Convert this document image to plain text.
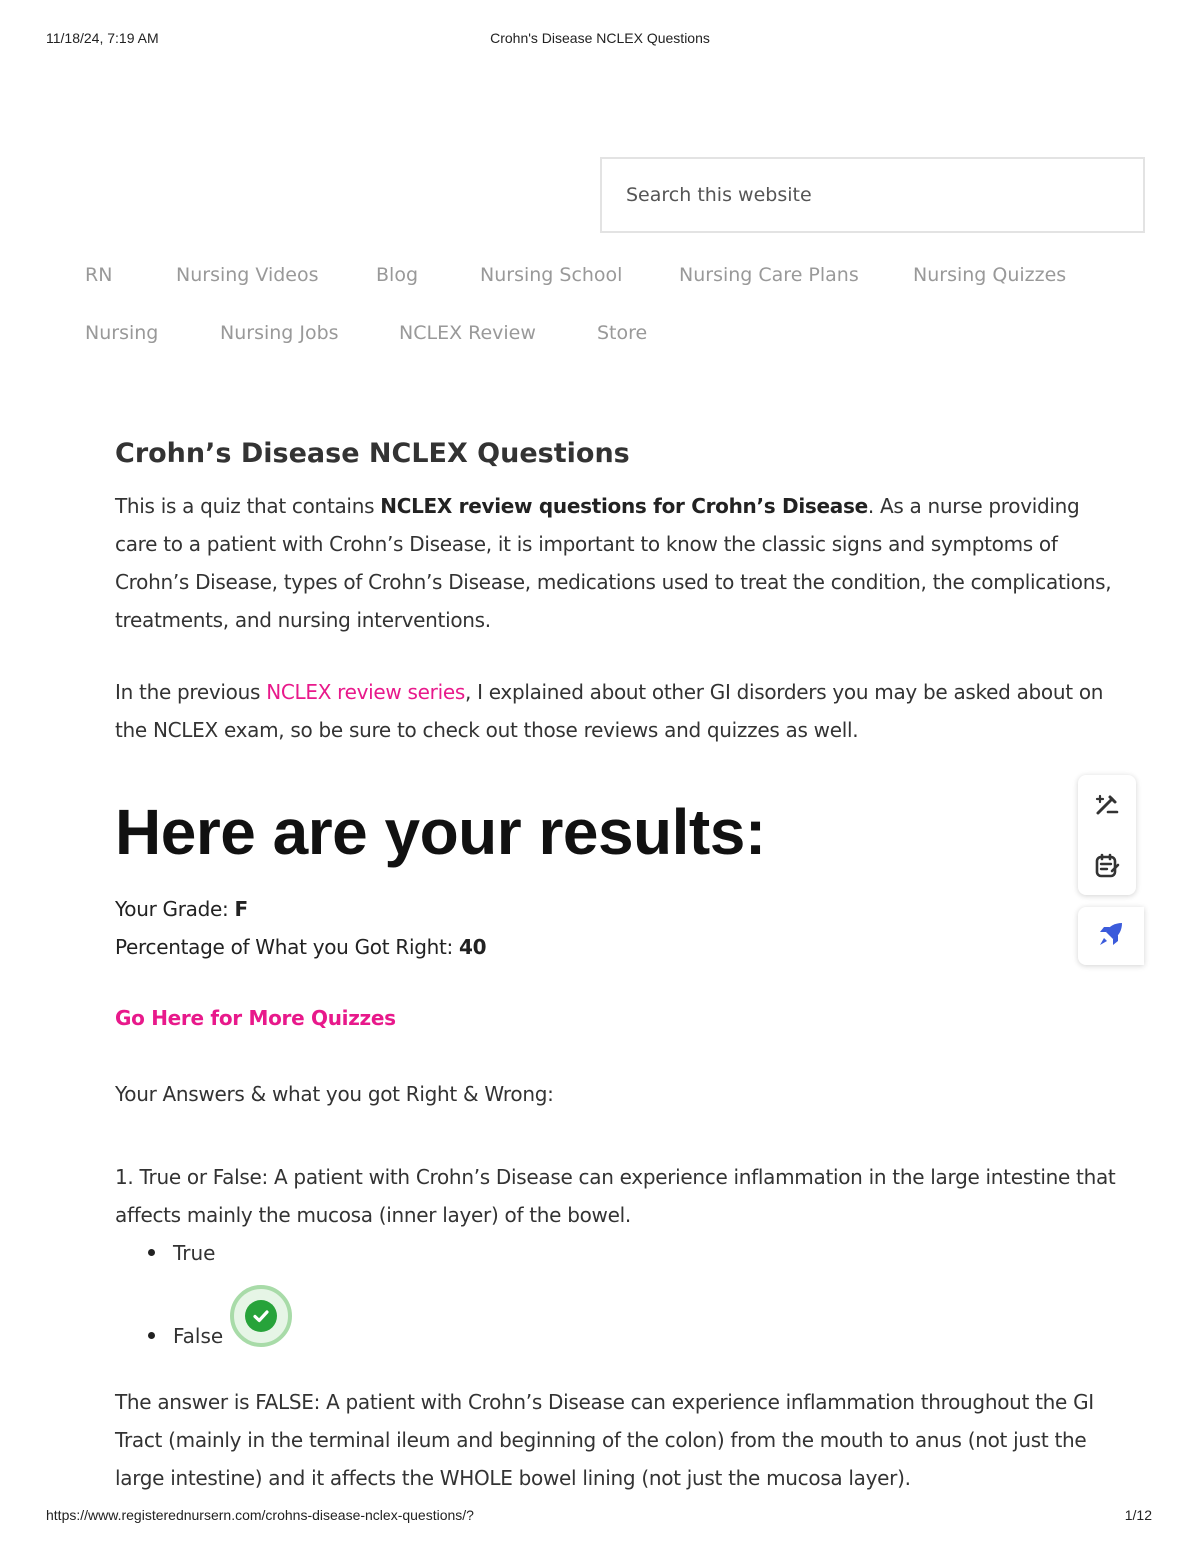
11/18/24, 7:19 AM	Crohn's Disease NCLEX Questions
Search this website
RN	Nursing Videos	Blog	Nursing School	Nursing Care Plans	Nursing Quizzes
Nursing	Nursing Jobs	NCLEX Review	Store
Crohn’s Disease NCLEX Questions

This is a quiz that contains NCLEX review questions for Crohn’s Disease. As a nurse providing care to a patient with Crohn’s Disease, it is important to know the classic signs and symptoms of Crohn’s Disease, types of Crohn’s Disease, medications used to treat the condition, the complications, treatments, and nursing interventions.

In the previous NCLEX review series, I explained about other GI disorders you may be asked about on the NCLEX exam, so be sure to check out those reviews and quizzes as well.

Here are your results:
Your Grade: F
Percentage of What you Got Right: 40
Go Here for More Quizzes
Your Answers & what you got Right & Wrong:
1. True or False: A patient with Crohn’s Disease can experience inflammation in the large intestine that affects mainly the mucosa (inner layer) of the bowel.
True
False
The answer is FALSE: A patient with Crohn’s Disease can experience inflammation throughout the GI Tract (mainly in the terminal ileum and beginning of the colon) from the mouth to anus (not just the large intestine) and it affects the WHOLE bowel lining (not just the mucosa layer).
https://www.registerednursern.com/crohns-disease-nclex-questions/?	1/12
